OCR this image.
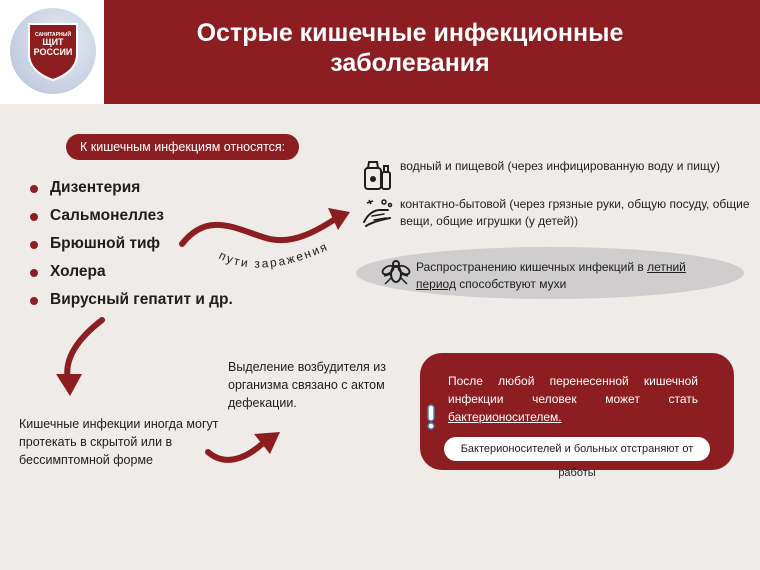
САНИТАРНЫЙ
ЩИТ
РОССИИ
Острые кишечные инфекционные
заболевания
К кишечным инфекциям относятся:
Дизентерия
Сальмонеллез
Брюшной тиф
Холера
Вирусный гепатит и др.
пути заражения
водный и пищевой (через инфицированную воду и пищу)
контактно-бытовой (через грязные руки, общую посуду, общие вещи, общие игрушки (у детей))
Распространению кишечных инфекций в летний период способствуют мухи
Кишечные инфекции иногда могут протекать в скрытой или в бессимптомной форме
Выделение возбудителя из организма связано с актом дефекации.
После любой перенесенной кишечной
инфекции человек может стать
бактерионосителем.
Бактерионосителей и больных отстраняют от работы
